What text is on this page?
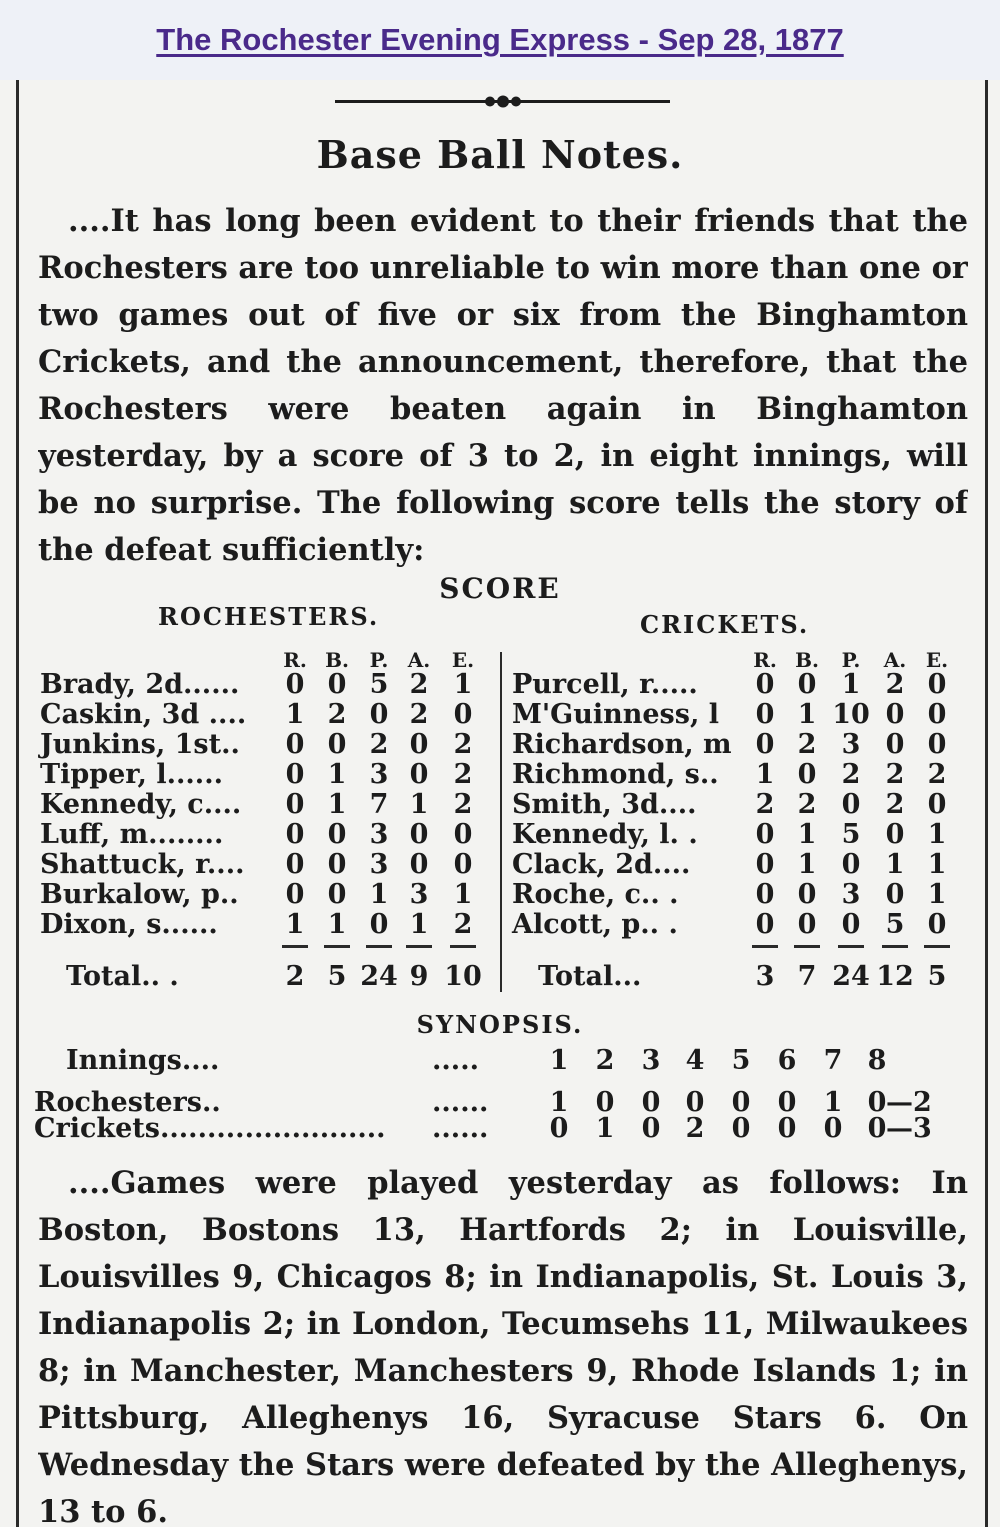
The Rochester Evening Express - Sep 28, 1877
Base Ball Notes.
....It has long been evident to their friends that the Rochesters are too unreliable to win more than one or two games out of five or six from the Binghamton Crickets, and the announcement, therefore, that the Rochesters were beaten again in Binghamton yesterday, by a score of 3 to 2, in eight innings, will be no surprise. The following score tells the story of the defeat sufficiently:
SCORE
ROCHESTERS.	CRICKETS.
R. B.	P. A.	E.
Brady, 2d......	0 0 5 2 1
Caskin, 3d ....	1 2 0 2 0
Junkins, 1st..	0 0 2 0 2
Tipper, l......	0 1 3 0 2
Kennedy, c....	0 1 7 1 2
Luff, m........	0 0 3 0 0
Shattuck, r....	0 0 3 0 0
Burkalow, p..	0 0 1 3 1
Dixon, s......	1 1 0 1 2
Total.. .	2 5 24 9 10
R. B.	P.	A. E.
Purcell, r.....	0 0 1 2 0
M'Guinness, l	0 1 10 0 0
Richardson, m 0 2 3 0 0
Richmond, s..	1 0 2 2 2
Smith, 3d....	2 2 0 2 0
Kennedy, l. .	0 1 5 0 1
Clack, 2d....	0 1 0 1 1
Roche, c.. .	0 0 3 0 1
Alcott, p.. .	0 0 0 5 0
Total...	3 7 24 12 5
SYNOPSIS.
Innings....	.....	1	2	3 4	5	6	7 8
Rochesters..	......	1	0	0 0	0	0	1 0 —2
Crickets........................ ......	0	1	0 2	0	0	0 0 —3
....Games were played yesterday as follows: In Boston, Bostons 13, Hartfords 2; in Louisville, Louisvilles 9, Chicagos 8; in Indianapolis, St. Louis 3, Indianapolis 2; in London, Tecumsehs 11, Milwaukees 8; in Manchester, Manchesters 9, Rhode Islands 1; in Pittsburg, Alleghenys 16, Syracuse Stars 6. On Wednesday the Stars were defeated by the Alleghenys, 13 to 6.
